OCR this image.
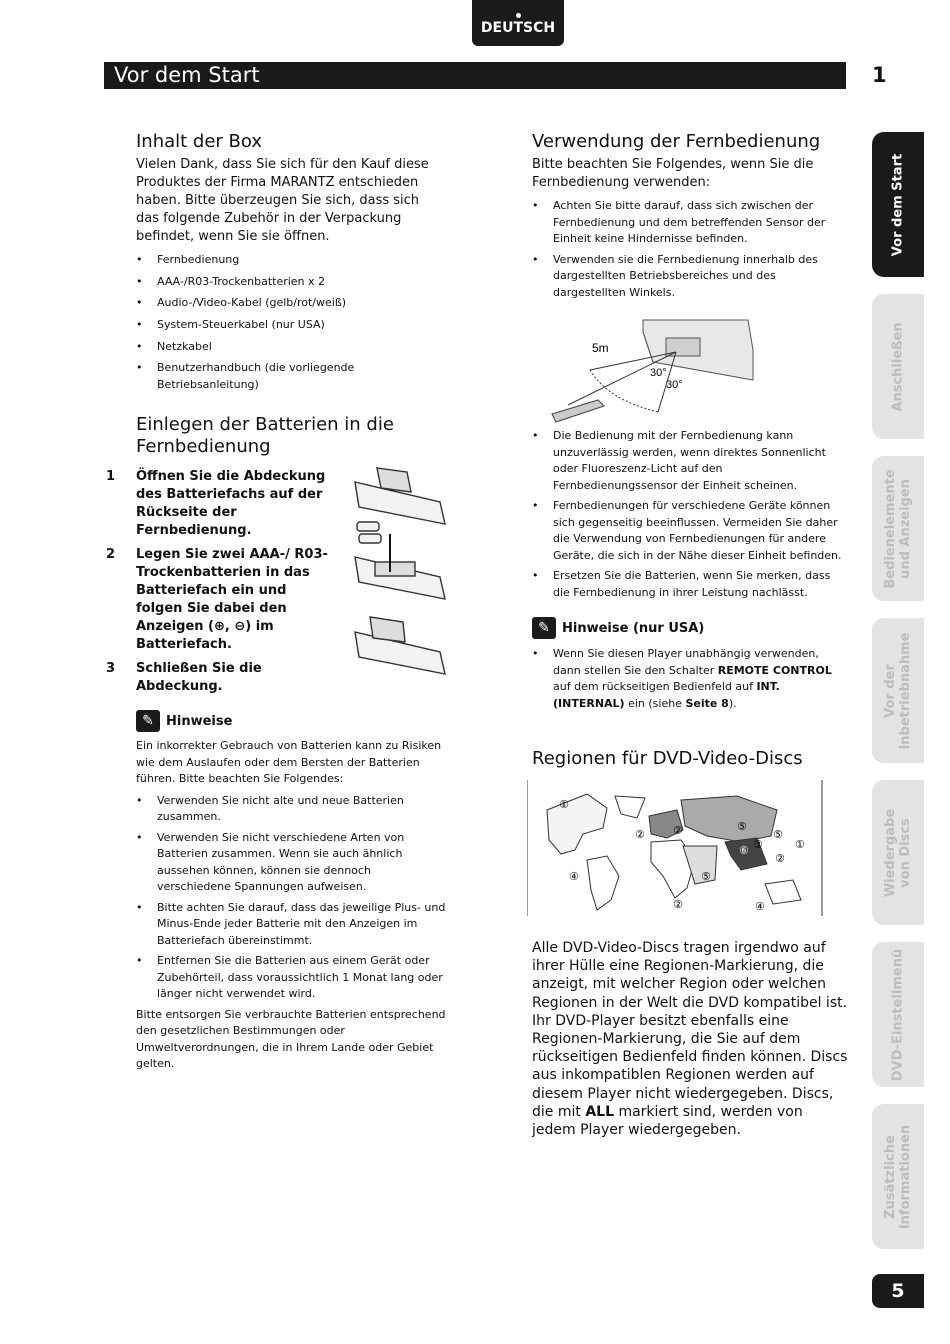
DEUTSCH
Vor dem Start	1
Inhalt der Box
Vielen Dank, dass Sie sich für den Kauf diese Produktes der Firma MARANTZ entschieden haben. Bitte überzeugen Sie sich, dass sich das folgende Zubehör in der Verpackung befindet, wenn Sie sie öffnen.
• Fernbedienung
• AAA-/R03-Trockenbatterien x 2
• Audio-/Video-Kabel (gelb/rot/weiß)
• System-Steuerkabel (nur USA)
• Netzkabel
• Benutzerhandbuch (die vorliegende Betriebsanleitung)
Einlegen der Batterien in die
Fernbedienung
1 Öffnen Sie die Abdeckung des Batteriefachs auf der Rückseite der Fernbedienung.
2 Legen Sie zwei AAA-/ R03-Trockenbatterien in das Batteriefach ein und folgen Sie dabei den Anzeigen (⊕, ⊖) im Batteriefach.
3 Schließen Sie die Abdeckung.
✎ Hinweise
Ein inkorrekter Gebrauch von Batterien kann zu Risiken wie dem Auslaufen oder dem Bersten der Batterien führen. Bitte beachten Sie Folgendes:
• Verwenden Sie nicht alte und neue Batterien zusammen.
• Verwenden Sie nicht verschiedene Arten von Batterien zusammen. Wenn sie auch ähnlich aussehen können, können sie dennoch verschiedene Spannungen aufweisen.
• Bitte achten Sie darauf, dass das jeweilige Plus- und Minus-Ende jeder Batterie mit den Anzeigen im Batteriefach übereinstimmt.
• Entfernen Sie die Batterien aus einem Gerät oder Zubehörteil, dass voraussichtlich 1 Monat lang oder länger nicht verwendet wird.
Bitte entsorgen Sie verbrauchte Batterien entsprechend den gesetzlichen Bestimmungen oder Umweltverordnungen, die in Ihrem Lande oder Gebiet gelten.
Verwendung der Fernbedienung
Bitte beachten Sie Folgendes, wenn Sie die Fernbedienung verwenden:
• Achten Sie bitte darauf, dass sich zwischen der Fernbedienung und dem betreffenden Sensor der Einheit keine Hindernisse befinden.
• Verwenden sie die Fernbedienung innerhalb des dargestellten Betriebsbereiches und des dargestellten Winkels.
5m
30°
30°
• Die Bedienung mit der Fernbedienung kann unzuverlässig werden, wenn direktes Sonnenlicht oder Fluoreszenz-Licht auf den Fernbedienungssensor der Einheit scheinen.
• Fernbedienungen für verschiedene Geräte können sich gegenseitig beeinflussen. Vermeiden Sie daher die Verwendung von Fernbedienungen für andere Geräte, die sich in der Nähe dieser Einheit befinden.
• Ersetzen Sie die Batterien, wenn Sie merken, dass die Fernbedienung in ihrer Leistung nachlässt.
✎ Hinweise (nur USA)
• Wenn Sie diesen Player unabhängig verwenden, dann stellen Sie den Schalter REMOTE CONTROL auf dem rückseitigen Bedienfeld auf INT. (INTERNAL) ein (siehe Seite 8).
Regionen für DVD-Video-Discs
①
②
④
⑤
⑥
②
⑤
⑤
③	①
②
④
②
Alle DVD-Video-Discs tragen irgendwo auf ihrer Hülle eine Regionen-Markierung, die anzeigt, mit welcher Region oder welchen Regionen in der Welt die DVD kompatibel ist. Ihr DVD-Player besitzt ebenfalls eine Regionen-Markierung, die Sie auf dem rückseitigen Bedienfeld finden können. Discs aus inkompatiblen Regionen werden auf diesem Player nicht wiedergegeben. Discs, die mit ALL markiert sind, werden von jedem Player wiedergegeben.
Vor dem Start
Anschließen
Bedienelemente
und Anzeigen
Vor der
Inbetriebnahme
Wiedergabe
von Discs
DVD-Einstellmenü
Zusätzliche
Informationen
5
